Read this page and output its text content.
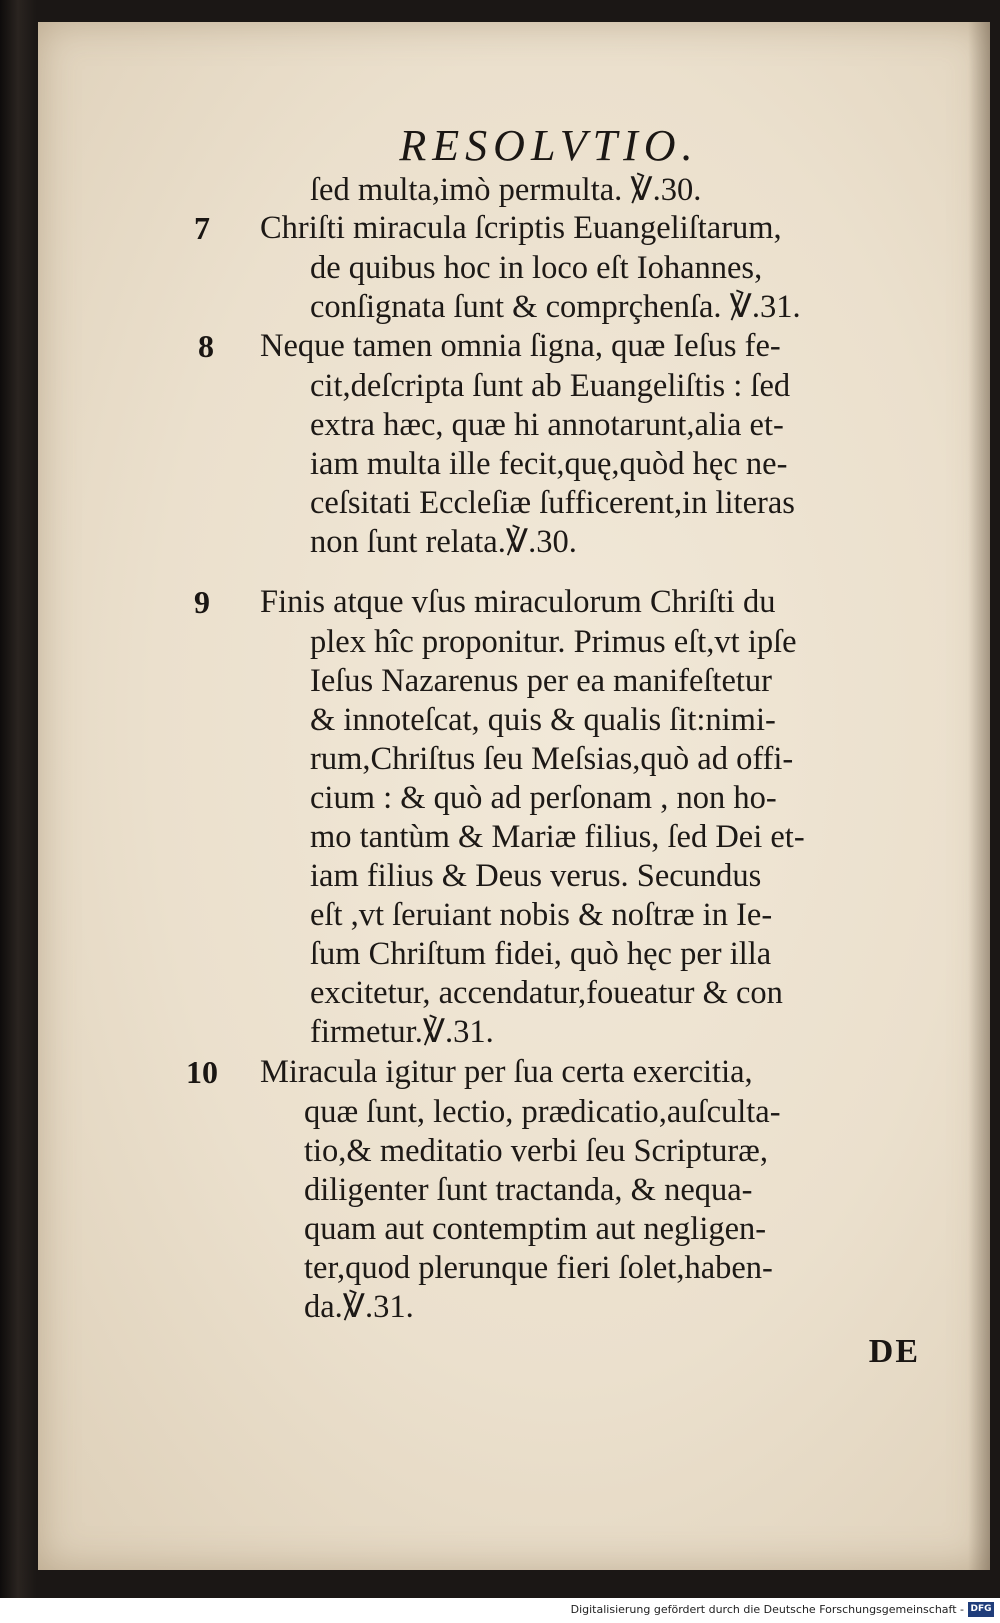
RESOLVTIO.
7
8
9
10
ſed multa,imò permulta. ℣.30.
Chriſti miracula ſcriptis Euangeliſtarum,
de quibus hoc in loco eſt Iohannes,
conſignata ſunt & comprçhenſa. ℣.31.
Neque tamen omnia ſigna, quæ Ieſus fe-
cit,deſcripta ſunt ab Euangeliſtis : ſed
extra hæc, quæ hi annotarunt,alia et-
iam multa ille fecit,quę,quòd hęc ne-
ceſsitati Eccleſiæ ſufficerent,in literas
non ſunt relata.℣.30.
Finis atque vſus miraculorum Chriſti du
plex hîc proponitur. Primus eſt,vt ipſe
Ieſus Nazarenus per ea manifeſtetur
& innoteſcat, quis & qualis ſit:nimi-
rum,Chriſtus ſeu Meſsias,quò ad offi-
cium : & quò ad perſonam , non ho-
mo tantùm & Mariæ filius, ſed Dei et-
iam filius & Deus verus. Secundus
eſt ,vt ſeruiant nobis & noſtræ in Ie-
ſum Chriſtum fidei, quò hęc per illa
excitetur, accendatur,foueatur & con
firmetur.℣.31.
Miracula igitur per ſua certa exercitia,
quæ ſunt, lectio, prædicatio,auſculta-
tio,& meditatio verbi ſeu Scripturæ,
diligenter ſunt tractanda, & nequa-
quam aut contemptim aut negligen-
ter,quod plerunque fieri ſolet,haben-
da.℣.31.
DE
Digitalisierung gefördert durch die Deutsche Forschungsgemeinschaft - DFG
